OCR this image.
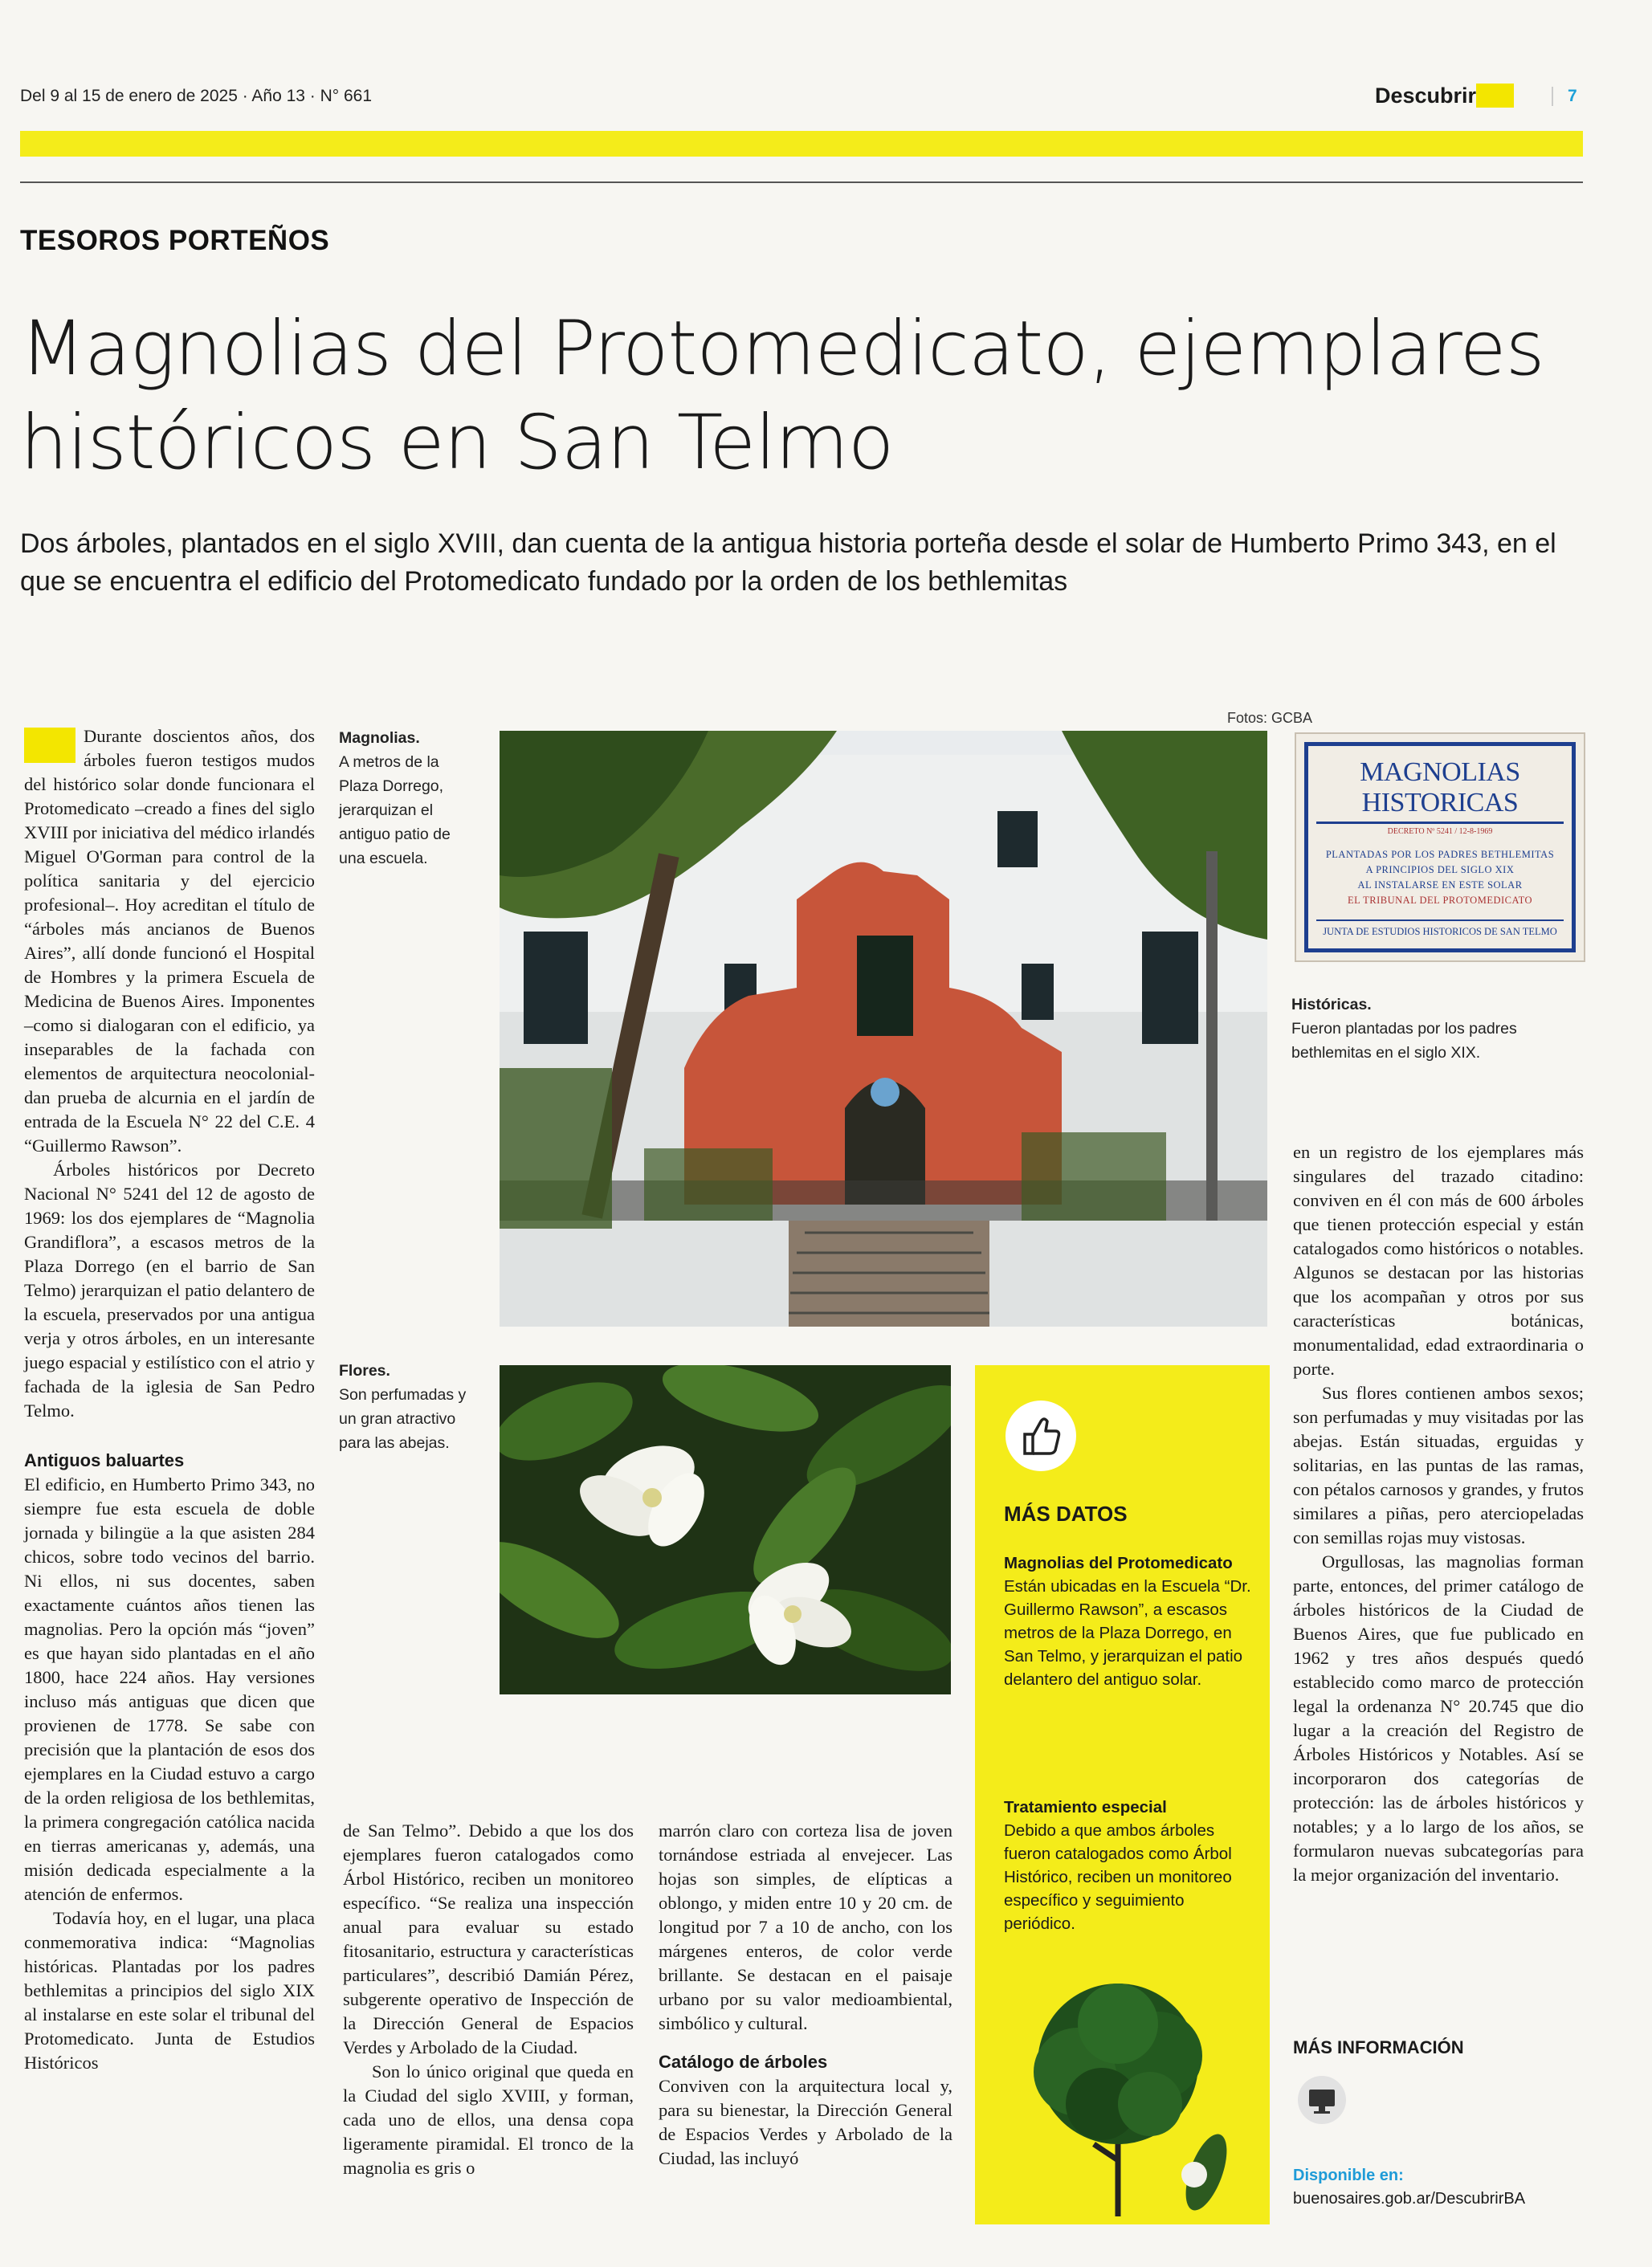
Del 9 al 15 de enero de 2025 · Año 13 · N° 661	Descubrir BA	7
TESOROS PORTEÑOS
Magnolias del Protomedicato, ejemplares históricos en San Telmo
Dos árboles, plantados en el siglo XVIII, dan cuenta de la antigua historia porteña desde el solar de Humberto Primo 343, en el que se encuentra el edificio del Protomedicato fundado por la orden de los bethlemitas

Durante doscientos años, dos árboles fueron testigos mudos del histórico solar donde funcionara el Protomedicato –creado a fines del siglo XVIII por iniciativa del médico irlandés Miguel O'Gorman para control de la política sanitaria y del ejercicio profesional–. Hoy acreditan el título de “árboles más ancianos de Buenos Aires”, allí donde funcionó el Hospital de Hombres y la primera Escuela de Medicina de Buenos Aires. Imponentes –como si dialogaran con el edificio, ya inseparables de la fachada con elementos de arquitectura neocolonial- dan prueba de alcurnia en el jardín de entrada de la Escuela N° 22 del C.E. 4 “Guillermo Rawson”.

Árboles históricos por Decreto Nacional N° 5241 del 12 de agosto de 1969: los dos ejemplares de “Magnolia Grandiflora”, a escasos metros de la Plaza Dorrego (en el barrio de San Telmo) jerarquizan el patio delantero de la escuela, preservados por una antigua verja y otros árboles, en un interesante juego espacial y estilístico con el atrio y fachada de la iglesia de San Pedro Telmo.

Antiguos baluartes

El edificio, en Humberto Primo 343, no siempre fue esta escuela de doble jornada y bilingüe a la que asisten 284 chicos, sobre todo vecinos del barrio. Ni ellos, ni sus docentes, saben exactamente cuántos años tienen las magnolias. Pero la opción más “joven” es que hayan sido plantadas en el año 1800, hace 224 años. Hay versiones incluso más antiguas que dicen que provienen de 1778. Se sabe con precisión que la plantación de esos dos ejemplares en la Ciudad estuvo a cargo de la orden religiosa de los bethlemitas, la primera congregación católica nacida en tierras americanas y, además, una misión dedicada especialmente a la atención de enfermos.

Todavía hoy, en el lugar, una placa conmemorativa indica: “Magnolias históricas. Plantadas por los padres bethlemitas a principios del siglo XIX al instalarse en este solar el tribunal del Protomedicato. Junta de Estudios Históricos

Magnolias.
A metros de la Plaza Dorrego, jerarquizan el antiguo patio de una escuela.
Flores.
Son perfumadas y un gran atractivo para las abejas.
Históricas.
Fueron plantadas por los padres bethlemitas en el siglo XIX.
Fotos: GCBA
MAGNOLIAS HISTORICAS
DECRETO Nº 5241 / 12-8-1969
PLANTADAS POR LOS PADRES BETHLEMITAS
A PRINCIPIOS DEL SIGLO XIX
AL INSTALARSE EN ESTE SOLAR
EL TRIBUNAL DEL PROTOMEDICATO
JUNTA DE ESTUDIOS HISTORICOS DE SAN TELMO

de San Telmo”. Debido a que los dos ejemplares fueron catalogados como Árbol Histórico, reciben un monitoreo específico. “Se realiza una inspección anual para evaluar su estado fitosanitario, estructura y características particulares”, describió Damián Pérez, subgerente operativo de Inspección de la Dirección General de Espacios Verdes y Arbolado de la Ciudad.

Son lo único original que queda en la Ciudad del siglo XVIII, y forman, cada uno de ellos, una densa copa ligeramente piramidal. El tronco de la magnolia es gris o

marrón claro con corteza lisa de joven tornándose estriada al envejecer. Las hojas son simples, de elípticas a oblongo, y miden entre 10 y 20 cm. de longitud por 7 a 10 de ancho, con los márgenes enteros, de color verde brillante. Se destacan en el paisaje urbano por su valor medioambiental, simbólico y cultural.

Catálogo de árboles

Conviven con la arquitectura local y, para su bienestar, la Dirección General de Espacios Verdes y Arbolado de la Ciudad, las incluyó

MÁS DATOS
Magnolias del Protomedicato
Están ubicadas en la Escuela “Dr. Guillermo Rawson”, a escasos metros de la Plaza Dorrego, en San Telmo, y jerarquizan el patio delantero del antiguo solar.
Tratamiento especial
Debido a que ambos árboles fueron catalogados como Árbol Histórico, reciben un monitoreo específico y seguimiento periódico.

en un registro de los ejemplares más singulares del trazado citadino: conviven en él con más de 600 árboles que tienen protección especial y están catalogados como históricos o notables. Algunos se destacan por las historias que los acompañan y otros por sus características botánicas, monumentalidad, edad extraordinaria o porte.

Sus flores contienen ambos sexos; son perfumadas y muy visitadas por las abejas. Están situadas, erguidas y solitarias, en las puntas de las ramas, con pétalos carnosos y grandes, y frutos similares a piñas, pero aterciopeladas con semillas rojas muy vistosas.

Orgullosas, las magnolias forman parte, entonces, del primer catálogo de árboles históricos de la Ciudad de Buenos Aires, que fue publicado en 1962 y tres años después quedó establecido como marco de protección legal la ordenanza N° 20.745 que dio lugar a la creación del Registro de Árboles Históricos y Notables. Así se incorporaron dos categorías de protección: las de árboles históricos y notables; y a lo largo de los años, se formularon nuevas subcategorías para la mejor organización del inventario.

MÁS INFORMACIÓN
Disponible en:
buenosaires.gob.ar/DescubrirBA
